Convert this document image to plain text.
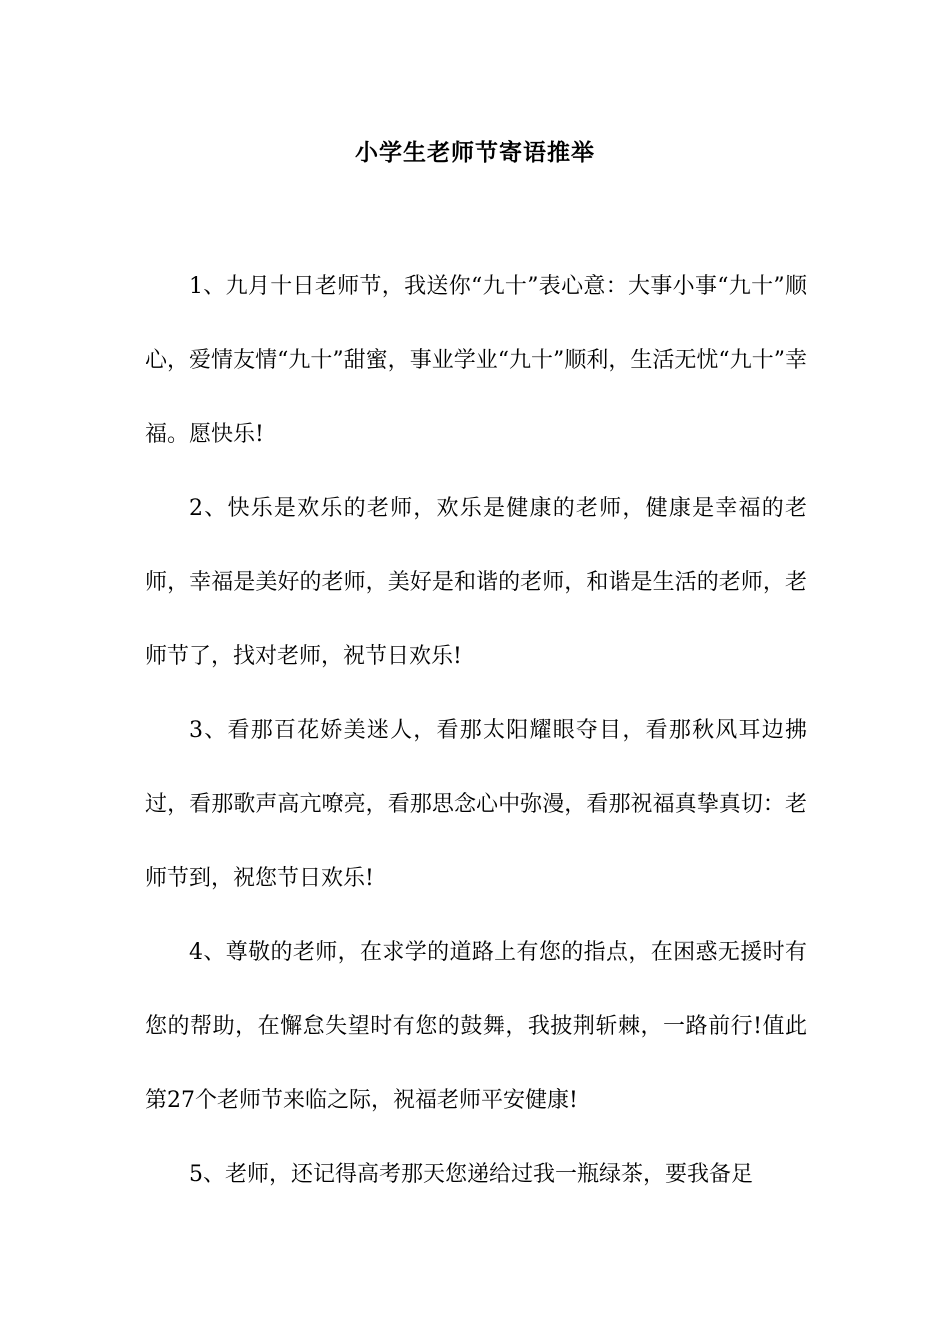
小学生老师节寄语推举

1、九月十日老师节，我送你“九十”表心意：大事小事“九十”顺心，爱情友情“九十”甜蜜，事业学业“九十”顺利，生活无忧“九十”幸福。愿快乐!

2、快乐是欢乐的老师，欢乐是健康的老师，健康是幸福的老师，幸福是美好的老师，美好是和谐的老师，和谐是生活的老师，老师节了，找对老师，祝节日欢乐!

3、看那百花娇美迷人，看那太阳耀眼夺目，看那秋风耳边拂过，看那歌声高亢嘹亮，看那思念心中弥漫，看那祝福真挚真切：老师节到，祝您节日欢乐!

4、尊敬的老师，在求学的道路上有您的指点，在困惑无援时有您的帮助，在懈怠失望时有您的鼓舞，我披荆斩棘，一路前行!值此第27个老师节来临之际，祝福老师平安健康!

5、老师，还记得高考那天您递给过我一瓶绿茶，要我备足
